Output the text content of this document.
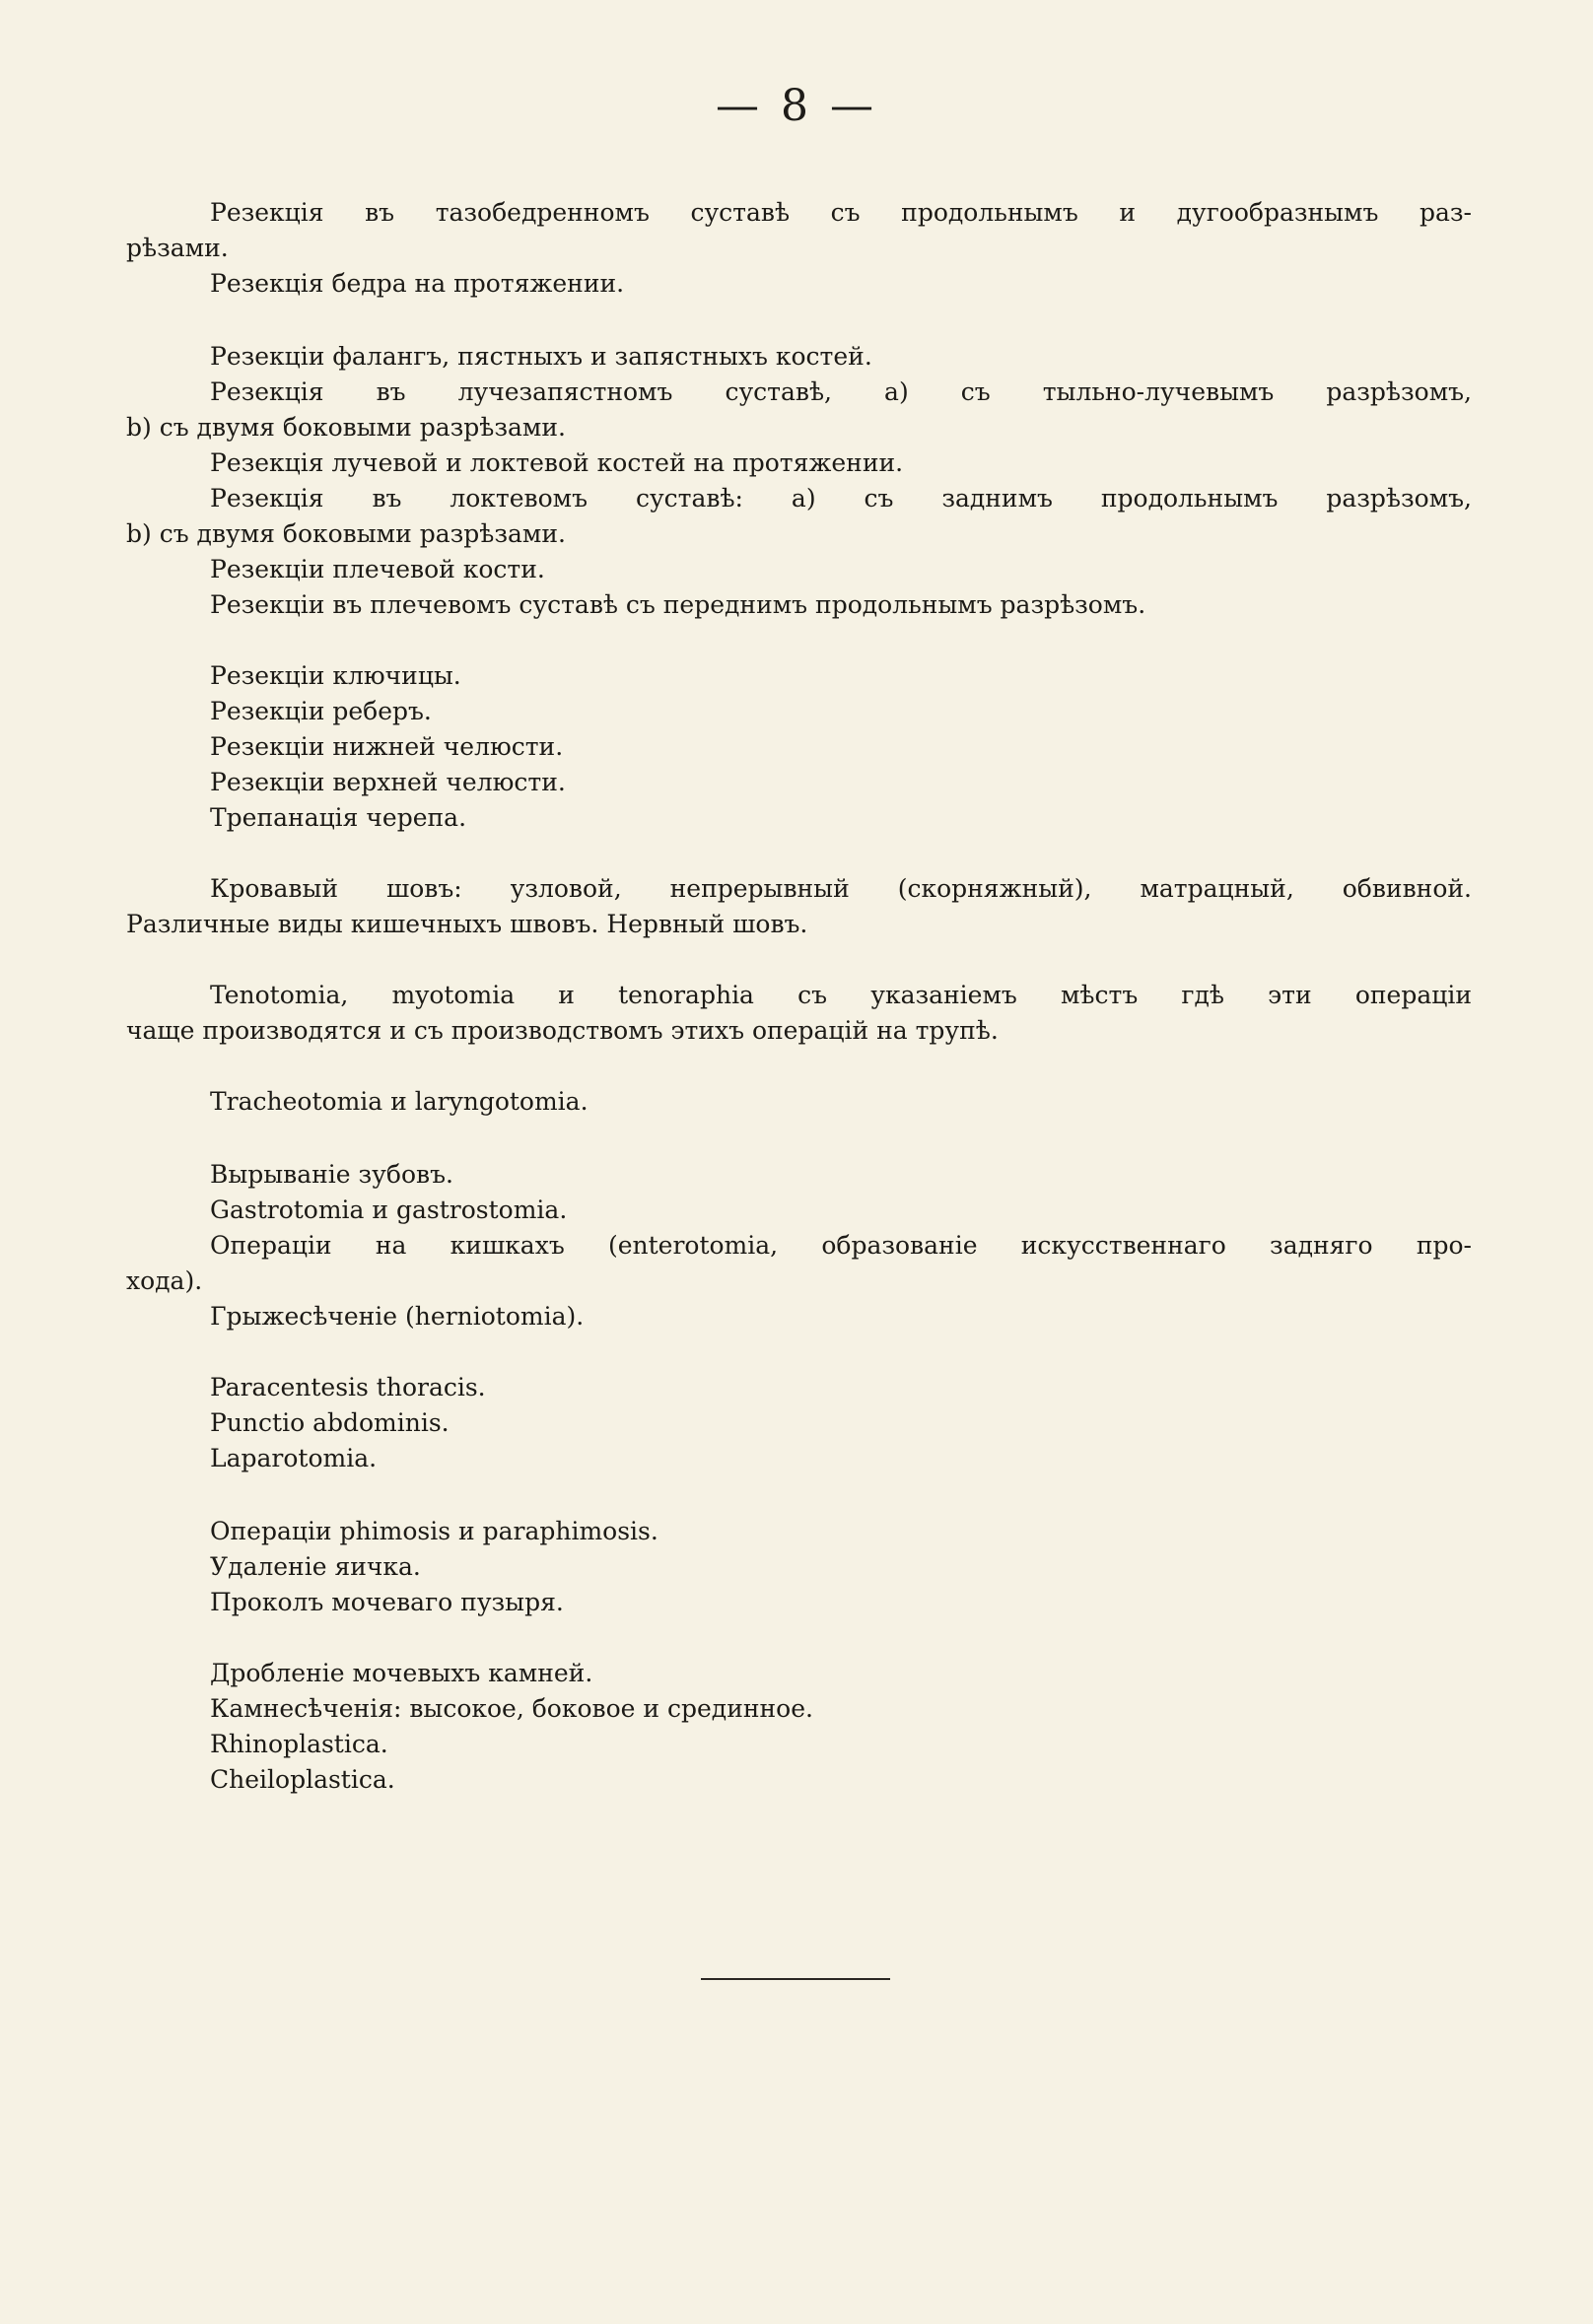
— 8 —
Резекція въ тазобедренномъ суставѣ съ продольнымъ и дугообразнымъ раз-
рѣзами.
Резекція бедра на протяжении.
Резекціи фалангъ, пястныхъ и запястныхъ костей.
Резекція въ лучезапястномъ суставѣ, а) съ тыльно-лучевымъ разрѣзомъ,
b) съ двумя боковыми разрѣзами.
Резекція лучевой и локтевой костей на протяжении.
Резекція въ локтевомъ суставѣ: а) съ заднимъ продольнымъ разрѣзомъ,
b) съ двумя боковыми разрѣзами.
Резекціи плечевой кости.
Резекціи въ плечевомъ суставѣ съ переднимъ продольнымъ разрѣзомъ.
Резекціи ключицы.
Резекціи реберъ.
Резекціи нижней челюсти.
Резекціи верхней челюсти.
Трепанація черепа.
Кровавый шовъ: узловой, непрерывный (скорняжный), матрацный, обвивной.
Различные виды кишечныхъ швовъ. Нервный шовъ.
Tenotomia, myotomia и tenoraphia съ указаніемъ мѣстъ гдѣ эти операціи
чаще производятся и съ производствомъ этихъ операцій на трупѣ.
Tracheotomia и laryngotomia.
Вырываніе зубовъ.
Gastrotomia и gastrostomia.
Операціи на кишкахъ (enterotomia, образованіе искусственнаго задняго про-
хода).
Грыжесѣченіе (herniotomia).
Paracentesis thoracis.
Punctio abdominis.
Laparotomia.
Операціи phimosis и paraphimosis.
Удаленіе яичка.
Проколъ мочеваго пузыря.
Дробленіе мочевыхъ камней.
Камнесѣченія: высокое, боковое и срединное.
Rhinoplastica.
Cheiloplastica.
